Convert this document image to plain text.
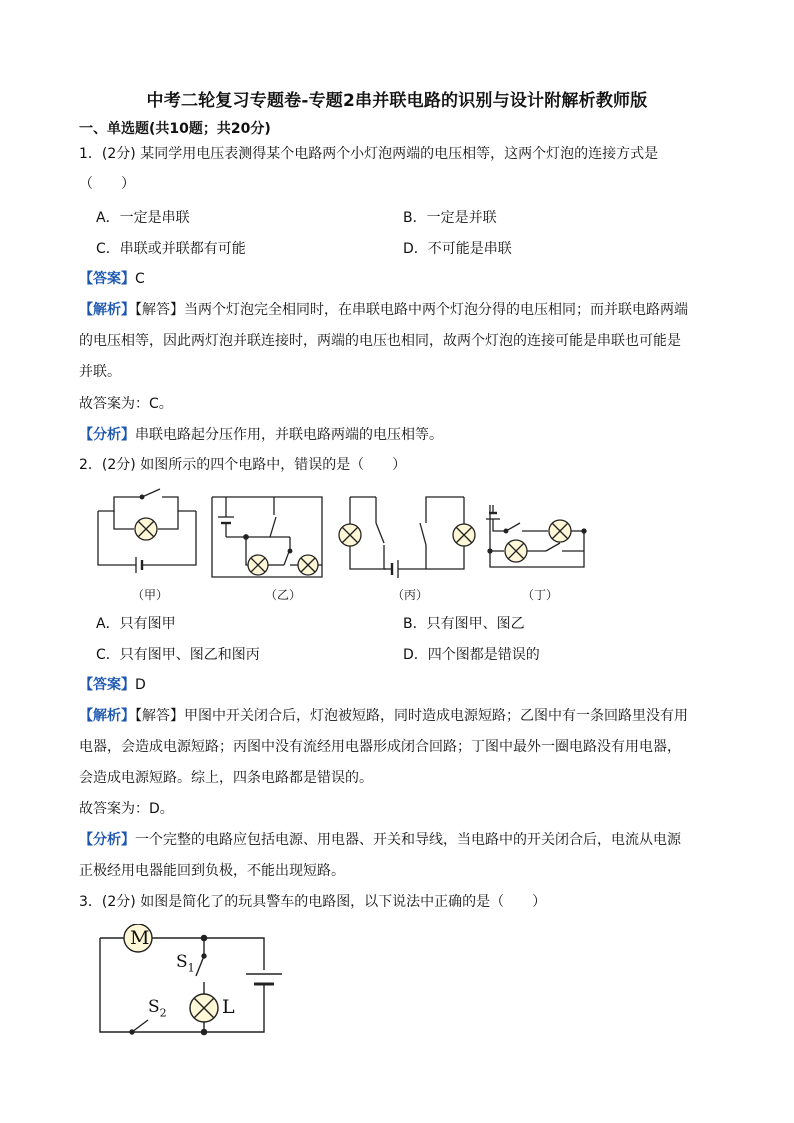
中考二轮复习专题卷-专题2串并联电路的识别与设计附解析教师版
一、单选题(共10题；共20分)
1．(2分) 某同学用电压表测得某个电路两个小灯泡两端的电压相等，这两个灯泡的连接方式是
（　　）
A．一定是串联	B．一定是并联
C．串联或并联都有可能	D．不可能是串联
【答案】C
【解析】【解答】当两个灯泡完全相同时，在串联电路中两个灯泡分得的电压相同；而并联电路两端
的电压相等，因此两灯泡并联连接时，两端的电压也相同，故两个灯泡的连接可能是串联也可能是
并联。
故答案为：C。
【分析】串联电路起分压作用，并联电路两端的电压相等。
2．(2分) 如图所示的四个电路中，错误的是（　　）
（甲）	（乙）	（丙）	（丁）
A．只有图甲	B．只有图甲、图乙
C．只有图甲、图乙和图丙	D．四个图都是错误的
【答案】D
【解析】【解答】甲图中开关闭合后，灯泡被短路，同时造成电源短路；乙图中有一条回路里没有用
电器，会造成电源短路；丙图中没有流经用电器形成闭合回路；丁图中最外一圈电路没有用电器，
会造成电源短路。综上，四条电路都是错误的。
故答案为：D。
【分析】一个完整的电路应包括电源、用电器、开关和导线，当电路中的开关闭合后，电流从电源
正极经用电器能回到负极，不能出现短路。
3．(2分) 如图是简化了的玩具警车的电路图，以下说法中正确的是（　　）
M
$S_1$
$S_2$	L
